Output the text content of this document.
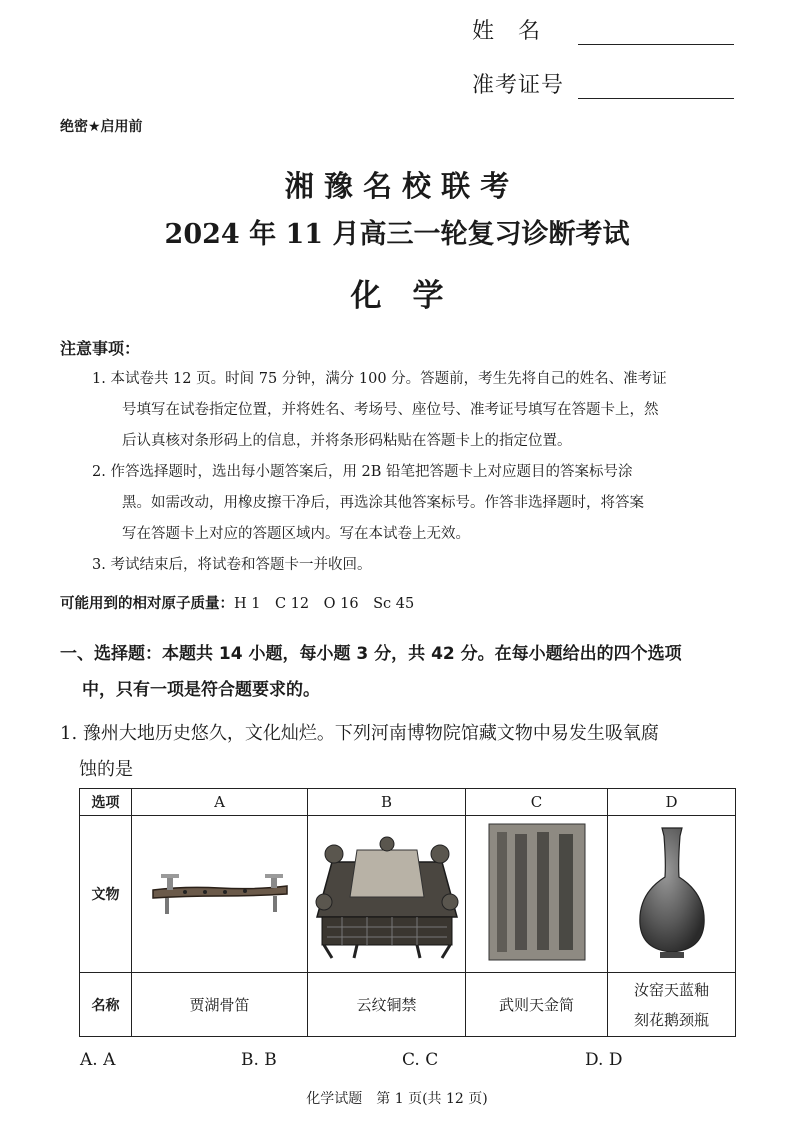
姓　名
准考证号
绝密★启用前
湘 豫 名 校 联 考
2024 年 11 月高三一轮复习诊断考试
化　学
注意事项：

1. 本试卷共 12 页。时间 75 分钟，满分 100 分。答题前，考生先将自己的姓名、准考证

号填写在试卷指定位置，并将姓名、考场号、座位号、准考证号填写在答题卡上，然

后认真核对条形码上的信息，并将条形码粘贴在答题卡上的指定位置。

2. 作答选择题时，选出每小题答案后，用 2B 铅笔把答题卡上对应题目的答案标号涂

黑。如需改动，用橡皮擦干净后，再选涂其他答案标号。作答非选择题时，将答案

写在答题卡上对应的答题区域内。写在本试卷上无效。

3. 考试结束后，将试卷和答题卡一并收回。

可能用到的相对原子质量：H 1　C 12　O 16　Sc 45
一、选择题：本题共 14 小题，每小题 3 分，共 42 分。在每小题给出的四个选项
中，只有一项是符合题要求的。
1. 豫州大地历史悠久，文化灿烂。下列河南博物院馆藏文物中易发生吸氧腐
蚀的是
选项	A	B	C	D
文物				
名称	贾湖骨笛	云纹铜禁	武则天金简	汝窑天蓝釉
刻花鹅颈瓶
A. A	B. B	C. C	D. D
化学试题　第 1 页(共 12 页)
